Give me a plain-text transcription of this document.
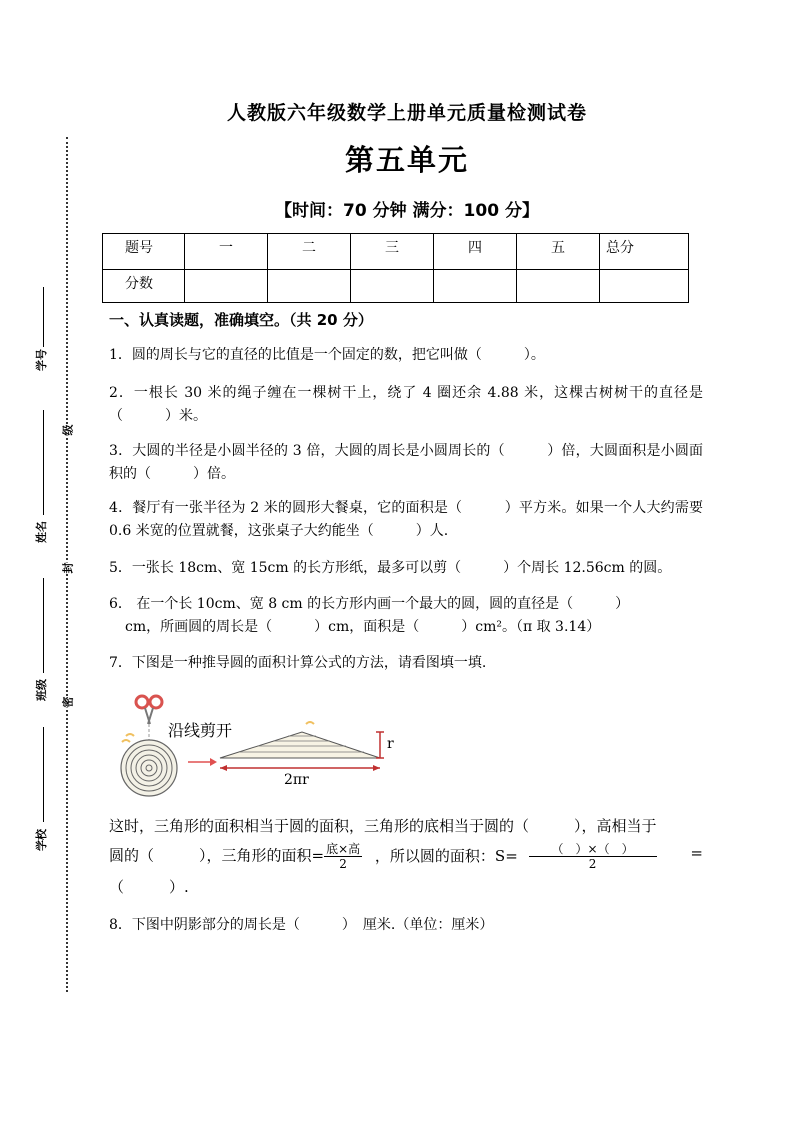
学号
姓名
班级
学校
级
封
密
人教版六年级数学上册单元质量检测试卷
第五单元
【时间：70 分钟 满分：100 分】
题号	一	二	三	四	五	总分
分数						
一、认真读题，准确填空。（共 20 分）
1．圆的周长与它的直径的比值是一个固定的数，把它叫做（　　　）。
2．一根长 30 米的绳子缠在一棵树干上，绕了 4 圈还余 4.88 米，这棵古树树干的直径是（　　　）米。
3．大圆的半径是小圆半径的 3 倍，大圆的周长是小圆周长的（　　　）倍，大圆面积是小圆面积的（　　　）倍。
4．餐厅有一张半径为 2 米的圆形大餐桌，它的面积是（　　　）平方米。如果一个人大约需要 0.6 米宽的位置就餐，这张桌子大约能坐（　　　）人.
5．一张长 18cm、宽 15cm 的长方形纸，最多可以剪（　　　）个周长 12.56cm 的圆。
6． 在一个长 10cm、宽 8 cm 的长方形内画一个最大的圆，圆的直径是（　　　）
cm，所画圆的周长是（　　　）cm，面积是（　　　）cm²。（π 取 3.14）
7．下图是一种推导圆的面积计算公式的方法，请看图填一填.
沿线剪开
r
2πr
这时，三角形的面积相当于圆的面积，三角形的底相当于圆的（　　　），高相当于
圆的（　　　），三角形的面积= $\frac{\text{底×高}}{2}$ ，所以圆的面积：$S= \frac{( )\times( )}{2}$ =
（　　　）.
8．下图中阴影部分的周长是（　　　）　厘米.（单位：厘米）
